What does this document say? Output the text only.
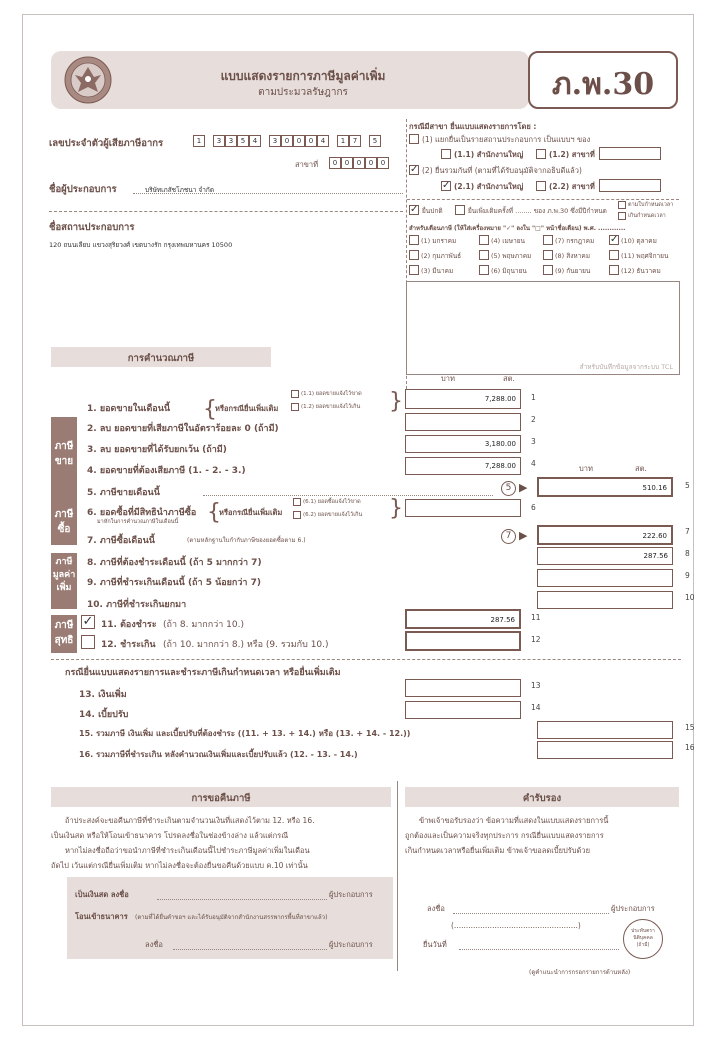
แบบแสดงรายการภาษีมูลค่าเพิ่ม
ตามประมวลรัษฎากร	ภ.พ.30
เลขประจำตัวผู้เสียภาษีอากร	1	3	3	5	4	3	0	0	0	4	1	7	5
สาขาที่	0	0	0	0	0
ชื่อผู้ประกอบการ	บริษัทเภสัชโภชนา จำกัด
ชื่อสถานประกอบการ
120 ถนนเลียบ แขวงสุริยวงศ์ เขตบางรัก กรุงเทพมหานคร 10500
กรณีมีสาขา ยื่นแบบแสดงรายการโดย :
(1) แยกยื่นเป็นรายสถานประกอบการ เป็นแบบฯ ของ
(1.1) สำนักงานใหญ่	(1.2) สาขาที่
✓ (2) ยื่นรวมกันที่ (ตามที่ได้รับอนุมัติจากอธิบดีแล้ว)
✓ (2.1) สำนักงานใหญ่	(2.2) สาขาที่
✓ ยื่นปกติ	ยื่นเพิ่มเติมครั้งที่ ........ ของ ภ.พ.30 ซึ่งมีปีกำหนด
ตามใบกำหนดเวลา
เกินกำหนดเวลา
สำหรับเดือนภาษี (ให้ใส่เครื่องหมาย "✓" ลงใน "□" หน้าชื่อเดือน) พ.ศ. ............
(1) มกราคม	(4) เมษายน	(7) กรกฎาคม ✓ (10) ตุลาคม
(2) กุมภาพันธ์	(5) พฤษภาคม	(8) สิงหาคม	(11) พฤศจิกายน
(3) มีนาคม	(6) มิถุนายน	(9) กันยายน	(12) ธันวาคม
สำหรับบันทึกข้อมูลจากระบบ TCL
การคำนวณภาษี
บาท	สต.
ภาษี
ขาย
ภาษี
ซื้อ
ภาษี
มูลค่า
เพิ่ม
ภาษี
สุทธิ
1. ยอดขายในเดือนนี้ {
หรือกรณียื่นเพิ่มเติม
(1.1) ยอดขายแจ้งไว้ขาด
(1.2) ยอดขายแจ้งไว้เกิน }	7,288.00	1
2. ลบ ยอดขายที่เสียภาษีในอัตราร้อยละ 0 (ถ้ามี)
2
3. ลบ ยอดขายที่ได้รับยกเว้น (ถ้ามี)
3,180.00	3
4. ยอดขายที่ต้องเสียภาษี (1. - 2. - 3.)	7,288.00	4
บาท	สต.
5. ภาษีขายเดือนนี้	5 ▶	510.16	5
6. ยอดซื้อที่มีสิทธินำภาษีซื้อ
มาหักในการคำนวณภาษีในเดือนนี้ {
หรือกรณียื่นเพิ่มเติม
(6.1) ยอดซื้อแจ้งไว้ขาด
(6.2) ยอดขายแจ้งไว้เกิน }	6
7. ภาษีซื้อเดือนนี้	(ตามหลักฐานใบกำกับภาษีของยอดซื้อตาม 6.)	7 ▶	222.60	7
8. ภาษีที่ต้องชำระเดือนนี้ (ถ้า 5 มากกว่า 7)
287.56	8
9. ภาษีที่ชำระเกินเดือนนี้ (ถ้า 5 น้อยกว่า 7)
9
10. ภาษีที่ชำระเกินยกมา
10
✓ 11. ต้องชำระ (ถ้า 8. มากกว่า 10.)	287.56	11
12. ชำระเกิน (ถ้า 10. มากกว่า 8.) หรือ (9. รวมกับ 10.)
12
กรณียื่นแบบแสดงรายการและชำระภาษีเกินกำหนดเวลา หรือยื่นเพิ่มเติม
13. เงินเพิ่ม
13
14. เบี้ยปรับ
14
15. รวมภาษี เงินเพิ่ม และเบี้ยปรับที่ต้องชำระ ((11. + 13. + 14.) หรือ (13. + 14. - 12.))
15
16. รวมภาษีที่ชำระเกิน หลังคำนวณเงินเพิ่มและเบี้ยปรับแล้ว (12. - 13. - 14.)
16
การขอคืนภาษี
ถ้าประสงค์จะขอคืนภาษีที่ชำระเกินตามจำนวนเงินที่แสดงไว้ตาม 12. หรือ 16.
เป็นเงินสด หรือให้โอนเข้าธนาคาร โปรดลงชื่อในช่องข้างล่าง แล้วแต่กรณี
หากไม่ลงชื่อถือว่าขอนำภาษีที่ชำระเกินเดือนนี้ไปชำระภาษีมูลค่าเพิ่มในเดือน
ถัดไป เว้นแต่กรณียื่นเพิ่มเติม หากไม่ลงชื่อจะต้องยื่นขอคืนด้วยแบบ ค.10 เท่านั้น
เป็นเงินสด ลงชื่อ	ผู้ประกอบการ
โอนเข้าธนาคาร (ตามที่ได้ยื่นคำขอฯ และได้รับอนุมัติจากสำนักงานสรรพากรพื้นที่สาขาแล้ว)
ลงชื่อ	ผู้ประกอบการ
คำรับรอง
ข้าพเจ้าขอรับรองว่า ข้อความที่แสดงในแบบแสดงรายการนี้
ถูกต้องและเป็นความจริงทุกประการ กรณียื่นแบบแสดงรายการ
เกินกำหนดเวลาหรือยื่นเพิ่มเติม ข้าพเจ้าขอลดเบี้ยปรับด้วย
ลงชื่อ	ผู้ประกอบการ
(....................................................)
ยื่นวันที่
ประทับตรา
นิติบุคคล
(ถ้ามี)
(ดูคำแนะนำการกรอกรายการด้านหลัง)
